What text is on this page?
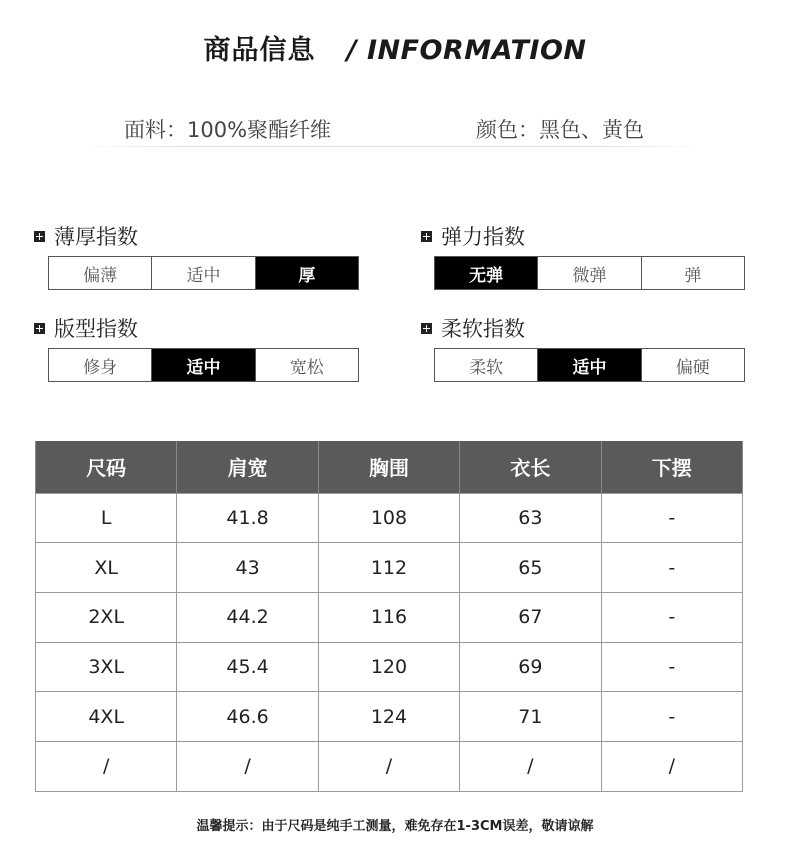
商品信息 / INFORMATION
面料：100%聚酯纤维	颜色：黑色、黄色
薄厚指数
偏薄	适中	厚
弹力指数
无弹	微弹	弹
版型指数
修身	适中	宽松
柔软指数
柔软	适中	偏硬
尺码	肩宽	胸围	衣长	下摆
L	41.8	108	63	-
XL	43	112	65	-
2XL	44.2	116	67	-
3XL	45.4	120	69	-
4XL	46.6	124	71	-
/	/	/	/	/
温馨提示：由于尺码是纯手工测量，难免存在1-3CM误差，敬请谅解
